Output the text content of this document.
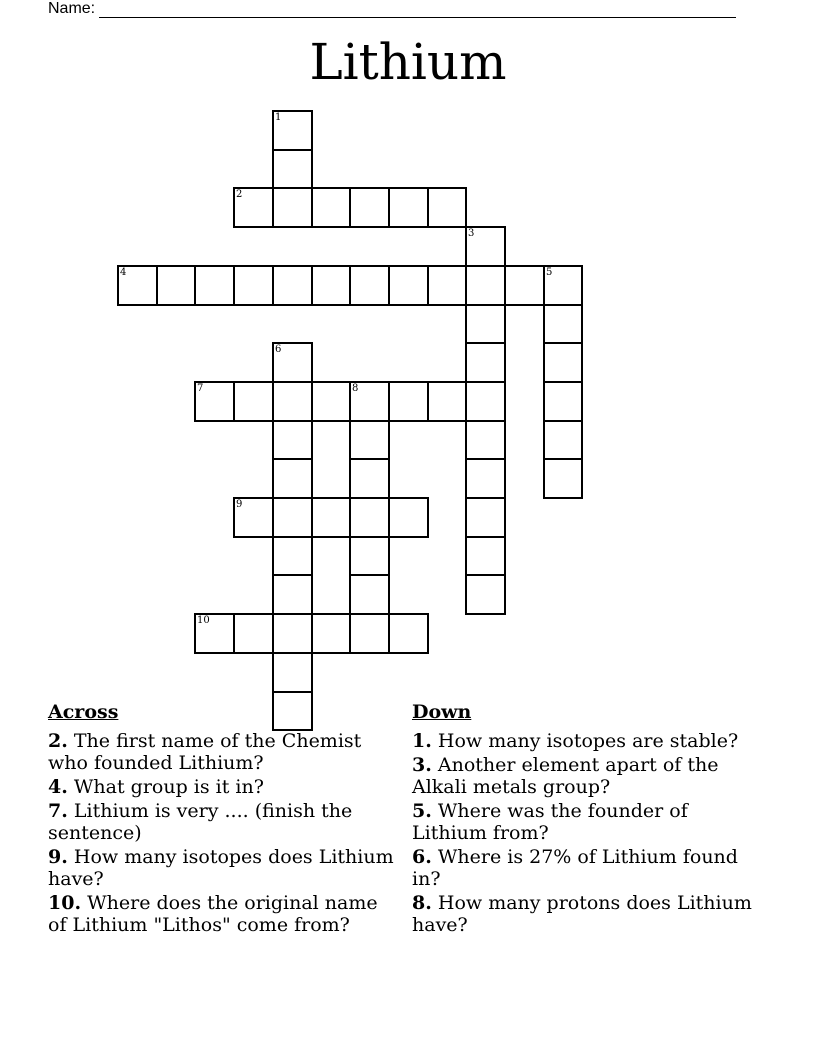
Name:
Lithium
1
2
3
4	5
6
7	8
9
10
Across
2. The first name of the Chemist who founded Lithium?
4. What group is it in?
7. Lithium is very .... (finish the sentence)
9. How many isotopes does Lithium have?
10. Where does the original name of Lithium "Lithos" come from?
Down
1. How many isotopes are stable?
3. Another element apart of the Alkali metals group?
5. Where was the founder of Lithium from?
6. Where is 27% of Lithium found in?
8. How many protons does Lithium have?
